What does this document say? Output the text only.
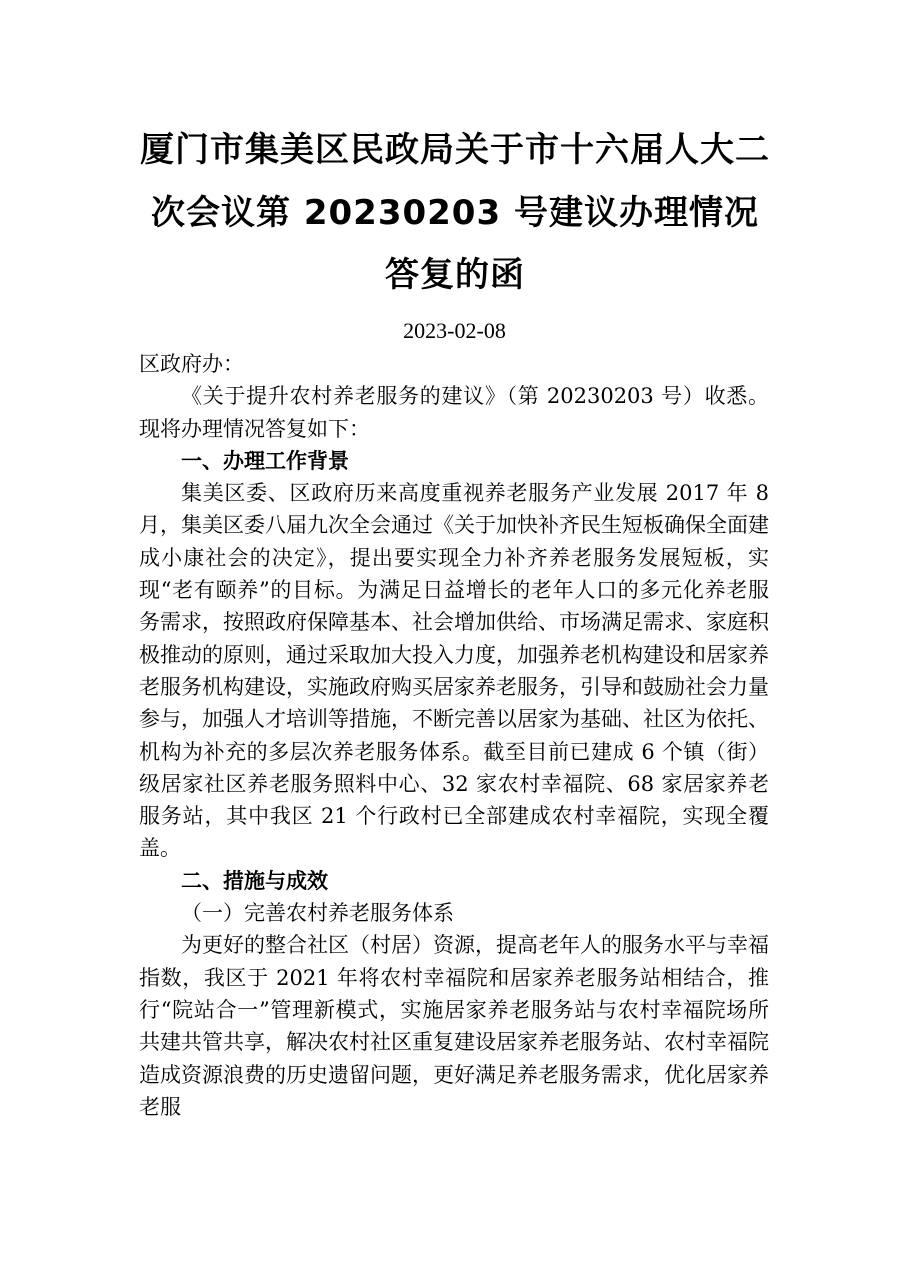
厦门市集美区民政局关于市十六届人大二
次会议第 20230203 号建议办理情况
答复的函
2023-02-08

区政府办：

《关于提升农村养老服务的建议》（第 20230203 号）收悉。现将办理情况答复如下：

一、办理工作背景

集美区委、区政府历来高度重视养老服务产业发展 2017 年 8 月，集美区委八届九次全会通过《关于加快补齐民生短板确保全面建成小康社会的决定》，提出要实现全力补齐养老服务发展短板，实现“老有颐养”的目标。为满足日益增长的老年人口的多元化养老服务需求，按照政府保障基本、社会增加供给、市场满足需求、家庭积极推动的原则，通过采取加大投入力度，加强养老机构建设和居家养老服务机构建设，实施政府购买居家养老服务，引导和鼓励社会力量参与，加强人才培训等措施，不断完善以居家为基础、社区为依托、机构为补充的多层次养老服务体系。截至目前已建成 6 个镇（街）级居家社区养老服务照料中心、32 家农村幸福院、68 家居家养老服务站，其中我区 21 个行政村已全部建成农村幸福院，实现全覆盖。

二、措施与成效

（一）完善农村养老服务体系

为更好的整合社区（村居）资源，提高老年人的服务水平与幸福指数，我区于 2021 年将农村幸福院和居家养老服务站相结合，推行“院站合一”管理新模式，实施居家养老服务站与农村幸福院场所共建共管共享，解决农村社区重复建设居家养老服务站、农村幸福院造成资源浪费的历史遗留问题，更好满足养老服务需求，优化居家养老服
